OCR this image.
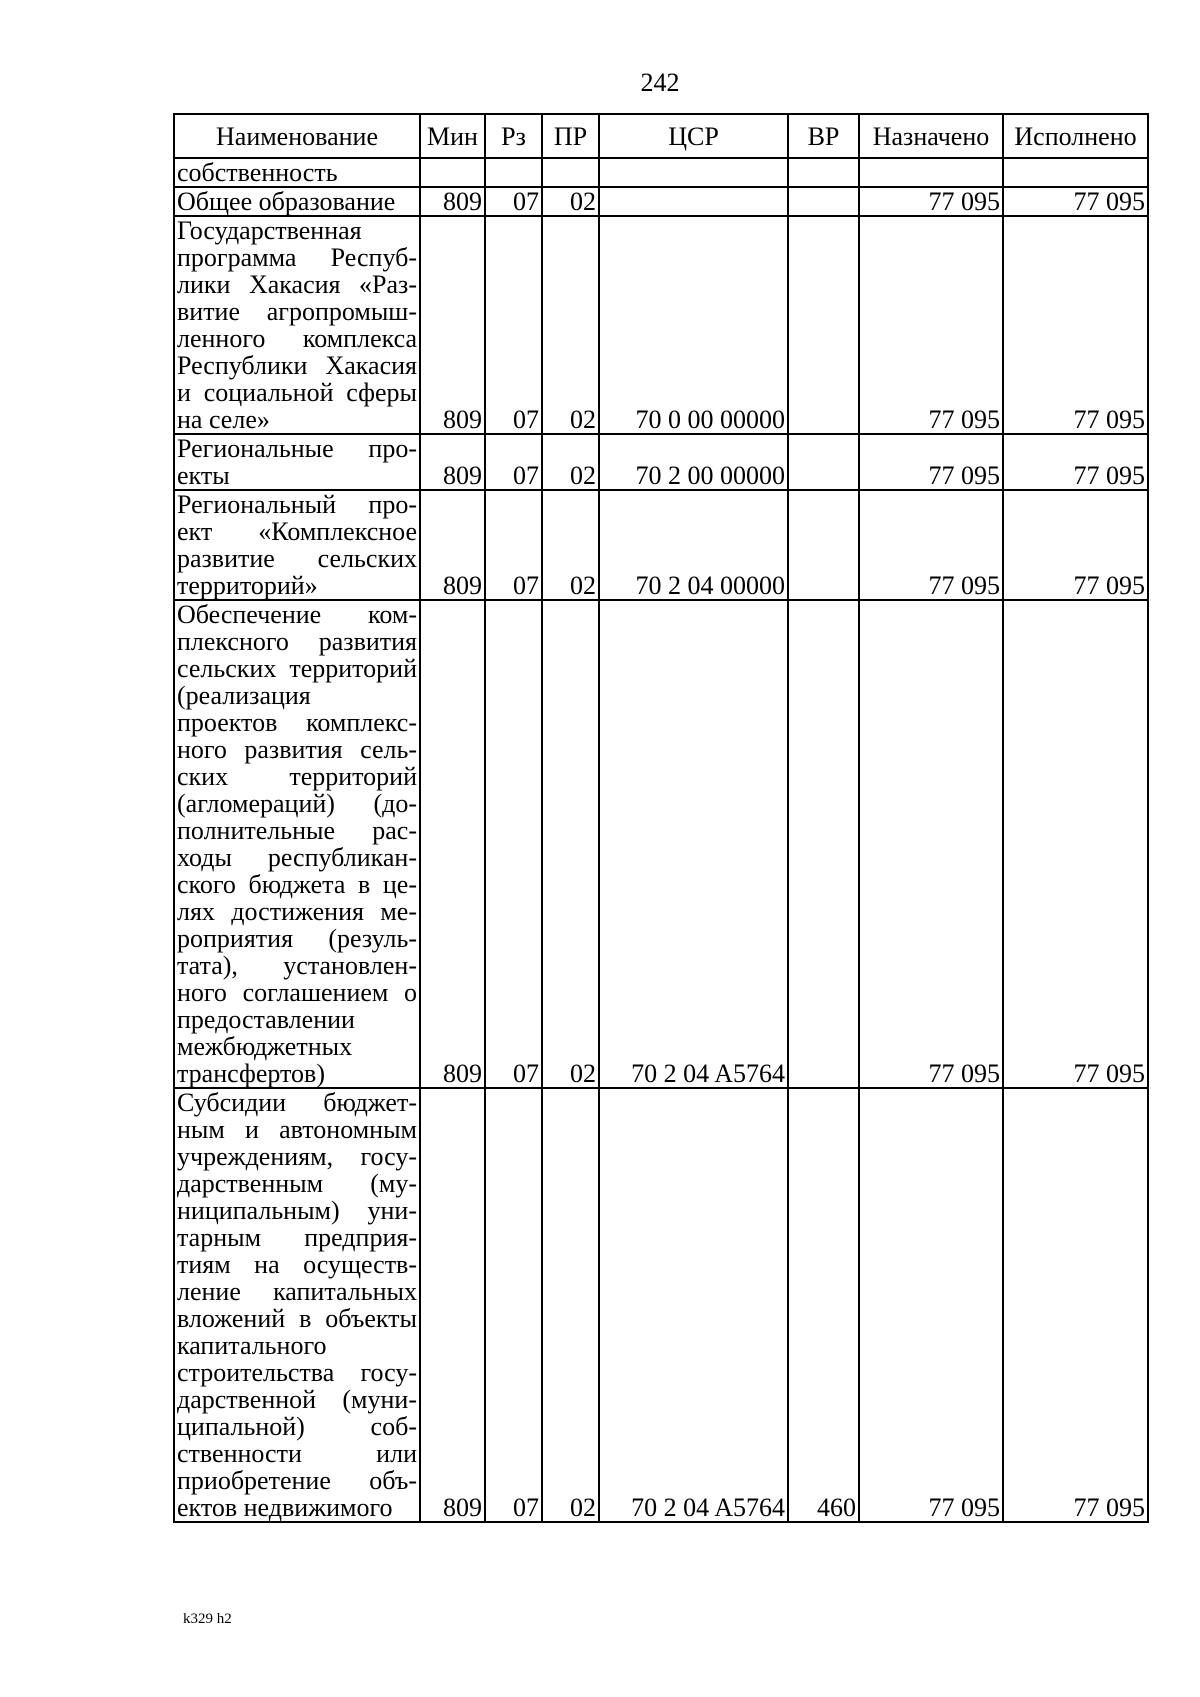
242
Наименование	Мин	Рз	ПР	ЦСР	ВР	Назначено	Исполнено
собственность							
Общее образование	809	07	02			77 095	77 095
Государственная программа Республики Хакасия «Развитие агропромышленного комплекса Республики Хакасия и социальной сферы на селе»	809	07	02	70 0 00 00000		77 095	77 095
Региональные проекты	809	07	02	70 2 00 00000		77 095	77 095
Региональный проект «Комплексное развитие сельских территорий»	809	07	02	70 2 04 00000		77 095	77 095
Обеспечение комплексного развития сельских территорий (реализация проектов комплексного развития сельских территорий (агломераций) (дополнительные расходы республиканского бюджета в целях достижения мероприятия (результата), установленного соглашением о предоставлении межбюджетных трансфертов)	809	07	02	70 2 04 A5764		77 095	77 095
Субсидии бюджетным и автономным учреждениям, государственным (муниципальным) унитарным предприятиям на осуществление капитальных вложений в объекты капитального строительства государственной (муниципальной) собственности или приобретение объектов недвижимого	809	07	02	70 2 04 A5764	460	77 095	77 095
k329 h2
